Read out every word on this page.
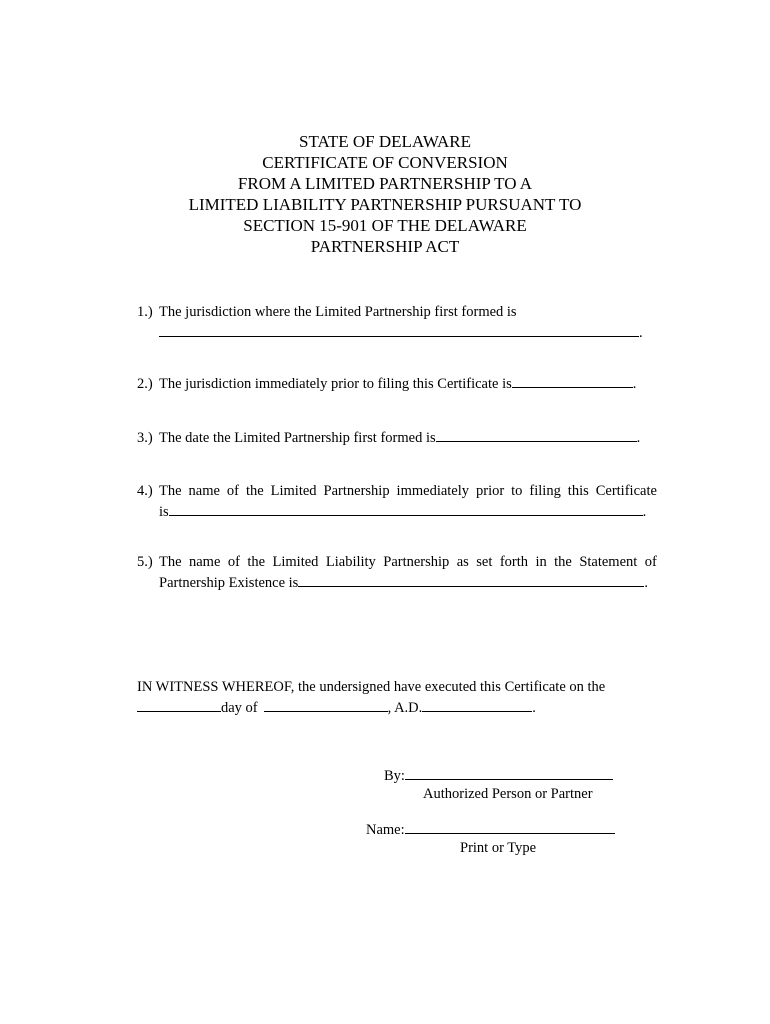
STATE OF DELAWARE
CERTIFICATE OF CONVERSION
FROM A LIMITED PARTNERSHIP TO A
LIMITED LIABILITY PARTNERSHIP PURSUANT TO
SECTION 15-901 OF THE DELAWARE
PARTNERSHIP ACT
1.) The jurisdiction where the Limited Partnership first formed is
.
2.) The jurisdiction immediately prior to filing this Certificate is	.
3.) The date the Limited Partnership first formed is	.
4.) The name of the Limited Partnership immediately prior to filing this Certificate
is	.
5.) The name of the Limited Liability Partnership as set forth in the Statement of
Partnership Existence is	.
IN WITNESS WHEREOF, the undersigned have executed this Certificate on the
day of	, A.D.	.
By:
Authorized Person or Partner
Name:
Print or Type
